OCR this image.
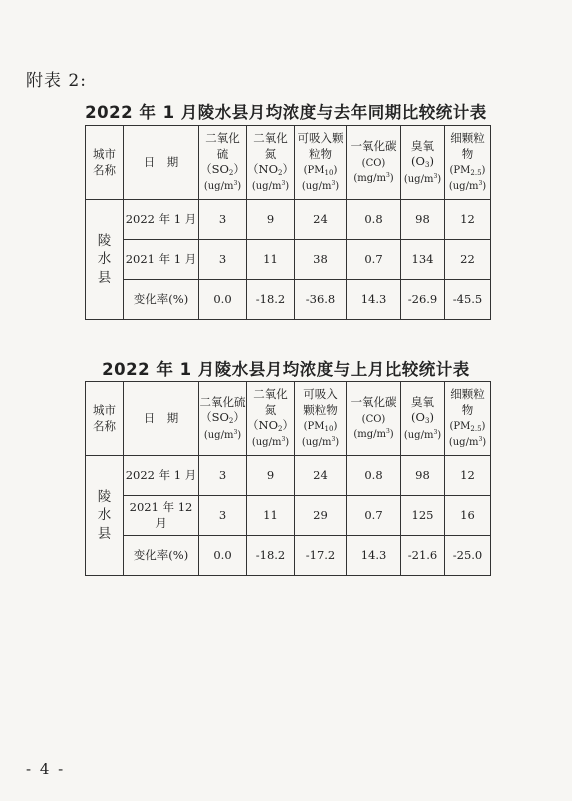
附表 2:
2022 年 1 月陵水县月均浓度与去年同期比较统计表
城市
名称	日　期	二氧化
硫$(SO_2)$
$(ug/m^3)$	二氧化
氮$(NO_2)$
$(ug/m^3)$	可吸入颗
粒物
$(PM_{10})$
$(ug/m^3)$	一氧化碳
(CO)
$(mg/m^3)$	臭氧$(O_3)$
$(ug/m^3)$	细颗粒物
$(PM_{2.5})$
$(ug/m^3)$
陵
水
县	2022 年 1 月	3	9	24	0.8	98	12
	2021 年 1 月	3	11	38	0.7	134	22
	变化率(%)	0.0	-18.2	-36.8	14.3	-26.9	-45.5
2022 年 1 月陵水县月均浓度与上月比较统计表
城市
名称	日　期	二氧化硫
$(SO_2)$
$(ug/m^3)$	二氧化
氮$(NO_2)$
$(ug/m^3)$	可吸入
颗粒物
$(PM_{10})$
$(ug/m^3)$	一氧化碳
(CO)
$(mg/m^3)$	臭氧$(O_3)$
$(ug/m^3)$	细颗粒物
$(PM_{2.5})$
$(ug/m^3)$
陵
水
县	2022 年 1 月	3	9	24	0.8	98	12
	2021 年 12 月	3	11	29	0.7	125	16
	变化率(%)	0.0	-18.2	-17.2	14.3	-21.6	-25.0
- 4 -
